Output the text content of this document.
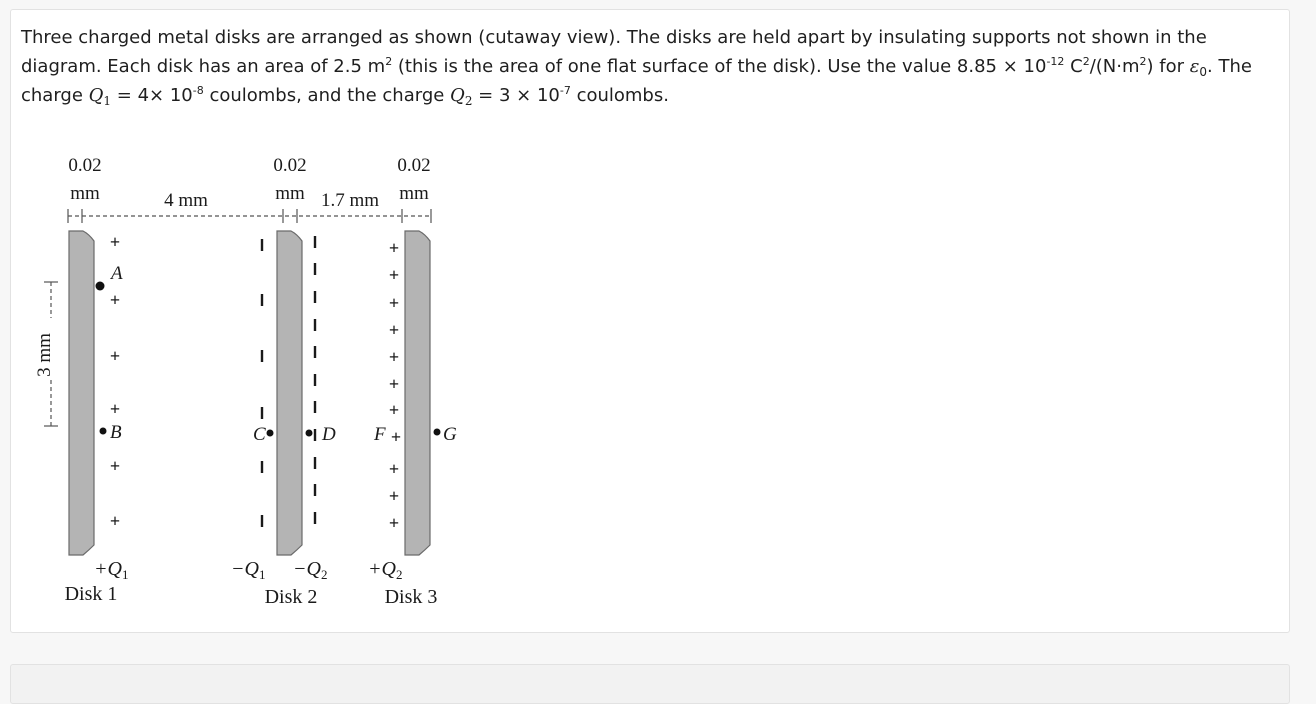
Three charged metal disks are arranged as shown (cutaway view). The disks are held apart by insulating supports not shown in the
diagram. Each disk has an area of 2.5 $m^2$ (this is the area of one flat surface of the disk). Use the value $8.85 \times 10^{-12}$ $C^2/(N\cdot m^2)$ for $\varepsilon_0$. The
charge $Q_1 = 4\times 10^{-8}$ coulombs, and the charge $Q_2 = 3 \times 10^{-7}$ coulombs.
0.02
mm
0.02
mm
0.02
mm
4 mm	1.7 mm
3 mm
+
+
+
+
+
+
+
+
+
+
+
+
+
+
+
+
+
A
B	C	D F	G
$+Q_1$	$-Q_1 -Q_2 +Q_2$
Disk 1	Disk 2	Disk 3
